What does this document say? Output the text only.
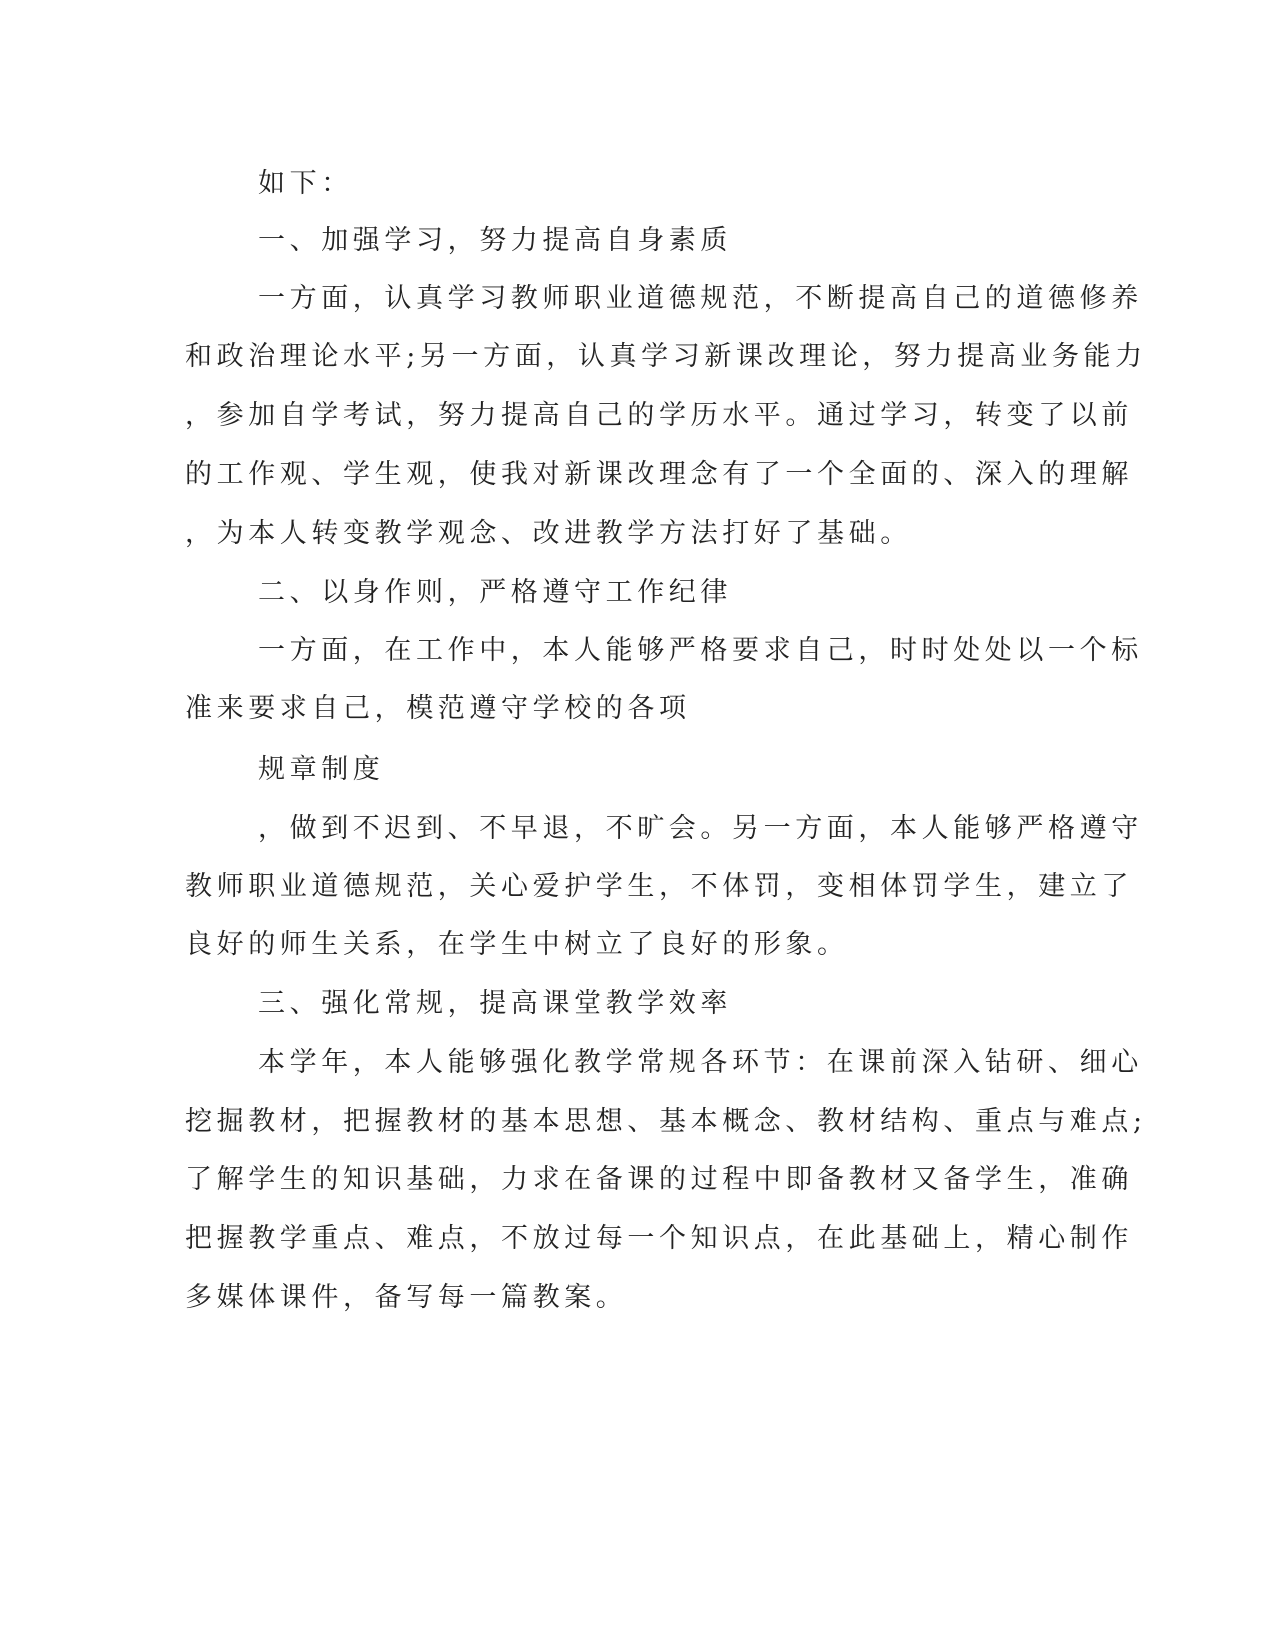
如下：
一、加强学习，努力提高自身素质
一方面，认真学习教师职业道德规范，不断提高自己的道德修养
和政治理论水平;另一方面，认真学习新课改理论，努力提高业务能力
，参加自学考试，努力提高自己的学历水平。通过学习，转变了以前
的工作观、学生观，使我对新课改理念有了一个全面的、深入的理解
，为本人转变教学观念、改进教学方法打好了基础。
二、以身作则，严格遵守工作纪律
一方面，在工作中，本人能够严格要求自己，时时处处以一个标
准来要求自己，模范遵守学校的各项
规章制度
，做到不迟到、不早退，不旷会。另一方面，本人能够严格遵守
教师职业道德规范，关心爱护学生，不体罚，变相体罚学生，建立了
良好的师生关系，在学生中树立了良好的形象。
三、强化常规，提高课堂教学效率
本学年，本人能够强化教学常规各环节：在课前深入钻研、细心
挖掘教材，把握教材的基本思想、基本概念、教材结构、重点与难点;
了解学生的知识基础，力求在备课的过程中即备教材又备学生，准确
把握教学重点、难点，不放过每一个知识点，在此基础上，精心制作
多媒体课件，备写每一篇教案。
